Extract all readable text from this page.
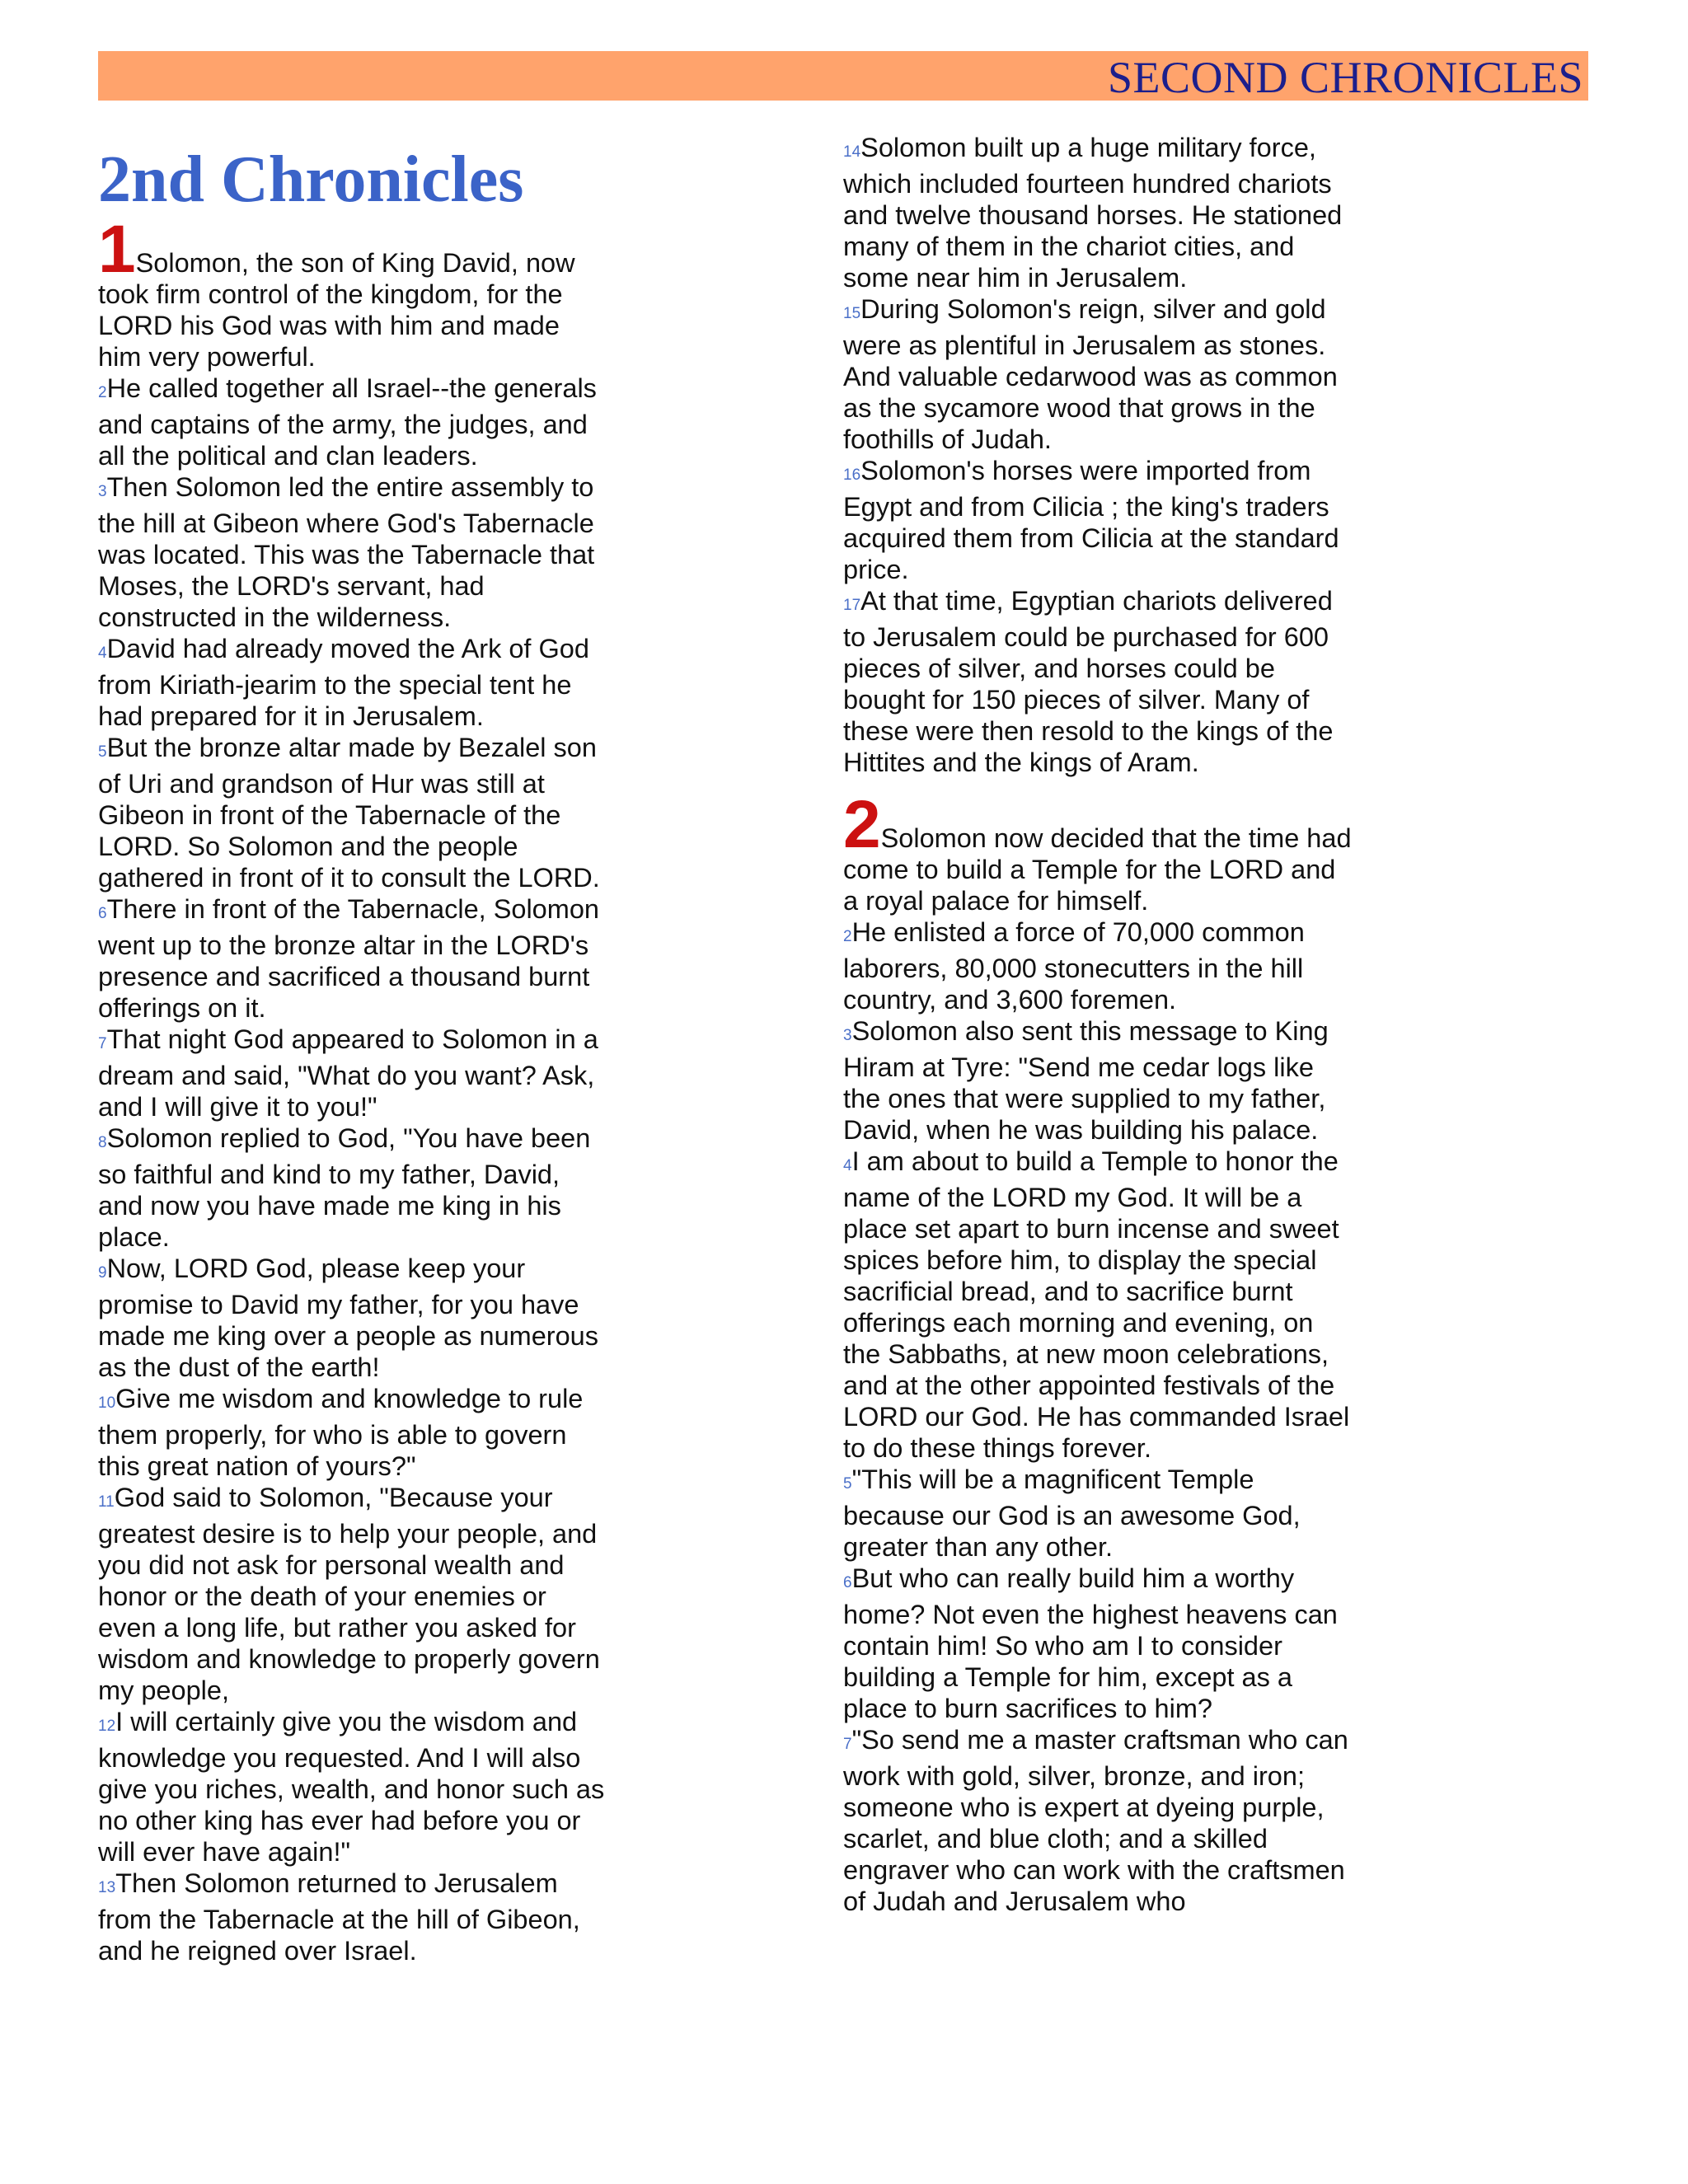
SECOND CHRONICLES
2nd Chronicles

1Solomon, the son of King David, now took firm control of the kingdom, for the LORD his God was with him and made him very powerful.

2He called together all Israel--the generals and captains of the army, the judges, and all the political and clan leaders.

3Then Solomon led the entire assembly to the hill at Gibeon where God's Tabernacle was located. This was the Tabernacle that Moses, the LORD's servant, had constructed in the wilderness.

4David had already moved the Ark of God from Kiriath-jearim to the special tent he had prepared for it in Jerusalem.

5But the bronze altar made by Bezalel son of Uri and grandson of Hur was still at Gibeon in front of the Tabernacle of the LORD. So Solomon and the people gathered in front of it to consult the LORD.

6There in front of the Tabernacle, Solomon went up to the bronze altar in the LORD's presence and sacrificed a thousand burnt offerings on it.

7That night God appeared to Solomon in a dream and said, "What do you want? Ask, and I will give it to you!"

8Solomon replied to God, "You have been so faithful and kind to my father, David, and now you have made me king in his place.

9Now, LORD God, please keep your promise to David my father, for you have made me king over a people as numerous as the dust of the earth!

10Give me wisdom and knowledge to rule them properly, for who is able to govern this great nation of yours?"

11God said to Solomon, "Because your greatest desire is to help your people, and you did not ask for personal wealth and honor or the death of your enemies or even a long life, but rather you asked for wisdom and knowledge to properly govern my people,

12I will certainly give you the wisdom and knowledge you requested. And I will also give you riches, wealth, and honor such as no other king has ever had before you or will ever have again!"

13Then Solomon returned to Jerusalem from the Tabernacle at the hill of Gibeon, and he reigned over Israel.

14Solomon built up a huge military force, which included fourteen hundred chariots and twelve thousand horses. He stationed many of them in the chariot cities, and some near him in Jerusalem.

15During Solomon's reign, silver and gold were as plentiful in Jerusalem as stones. And valuable cedarwood was as common as the sycamore wood that grows in the foothills of Judah.

16Solomon's horses were imported from Egypt and from Cilicia ; the king's traders acquired them from Cilicia at the standard price.

17At that time, Egyptian chariots delivered to Jerusalem could be purchased for 600 pieces of silver, and horses could be bought for 150 pieces of silver. Many of these were then resold to the kings of the Hittites and the kings of Aram.

2Solomon now decided that the time had come to build a Temple for the LORD and a royal palace for himself.

2He enlisted a force of 70,000 common laborers, 80,000 stonecutters in the hill country, and 3,600 foremen.

3Solomon also sent this message to King Hiram at Tyre: "Send me cedar logs like the ones that were supplied to my father, David, when he was building his palace.

4I am about to build a Temple to honor the name of the LORD my God. It will be a place set apart to burn incense and sweet spices before him, to display the special sacrificial bread, and to sacrifice burnt offerings each morning and evening, on the Sabbaths, at new moon celebrations, and at the other appointed festivals of the LORD our God. He has commanded Israel to do these things forever.

5"This will be a magnificent Temple because our God is an awesome God, greater than any other.

6But who can really build him a worthy home? Not even the highest heavens can contain him! So who am I to consider building a Temple for him, except as a place to burn sacrifices to him?

7"So send me a master craftsman who can work with gold, silver, bronze, and iron; someone who is expert at dyeing purple, scarlet, and blue cloth; and a skilled engraver who can work with the craftsmen of Judah and Jerusalem who
